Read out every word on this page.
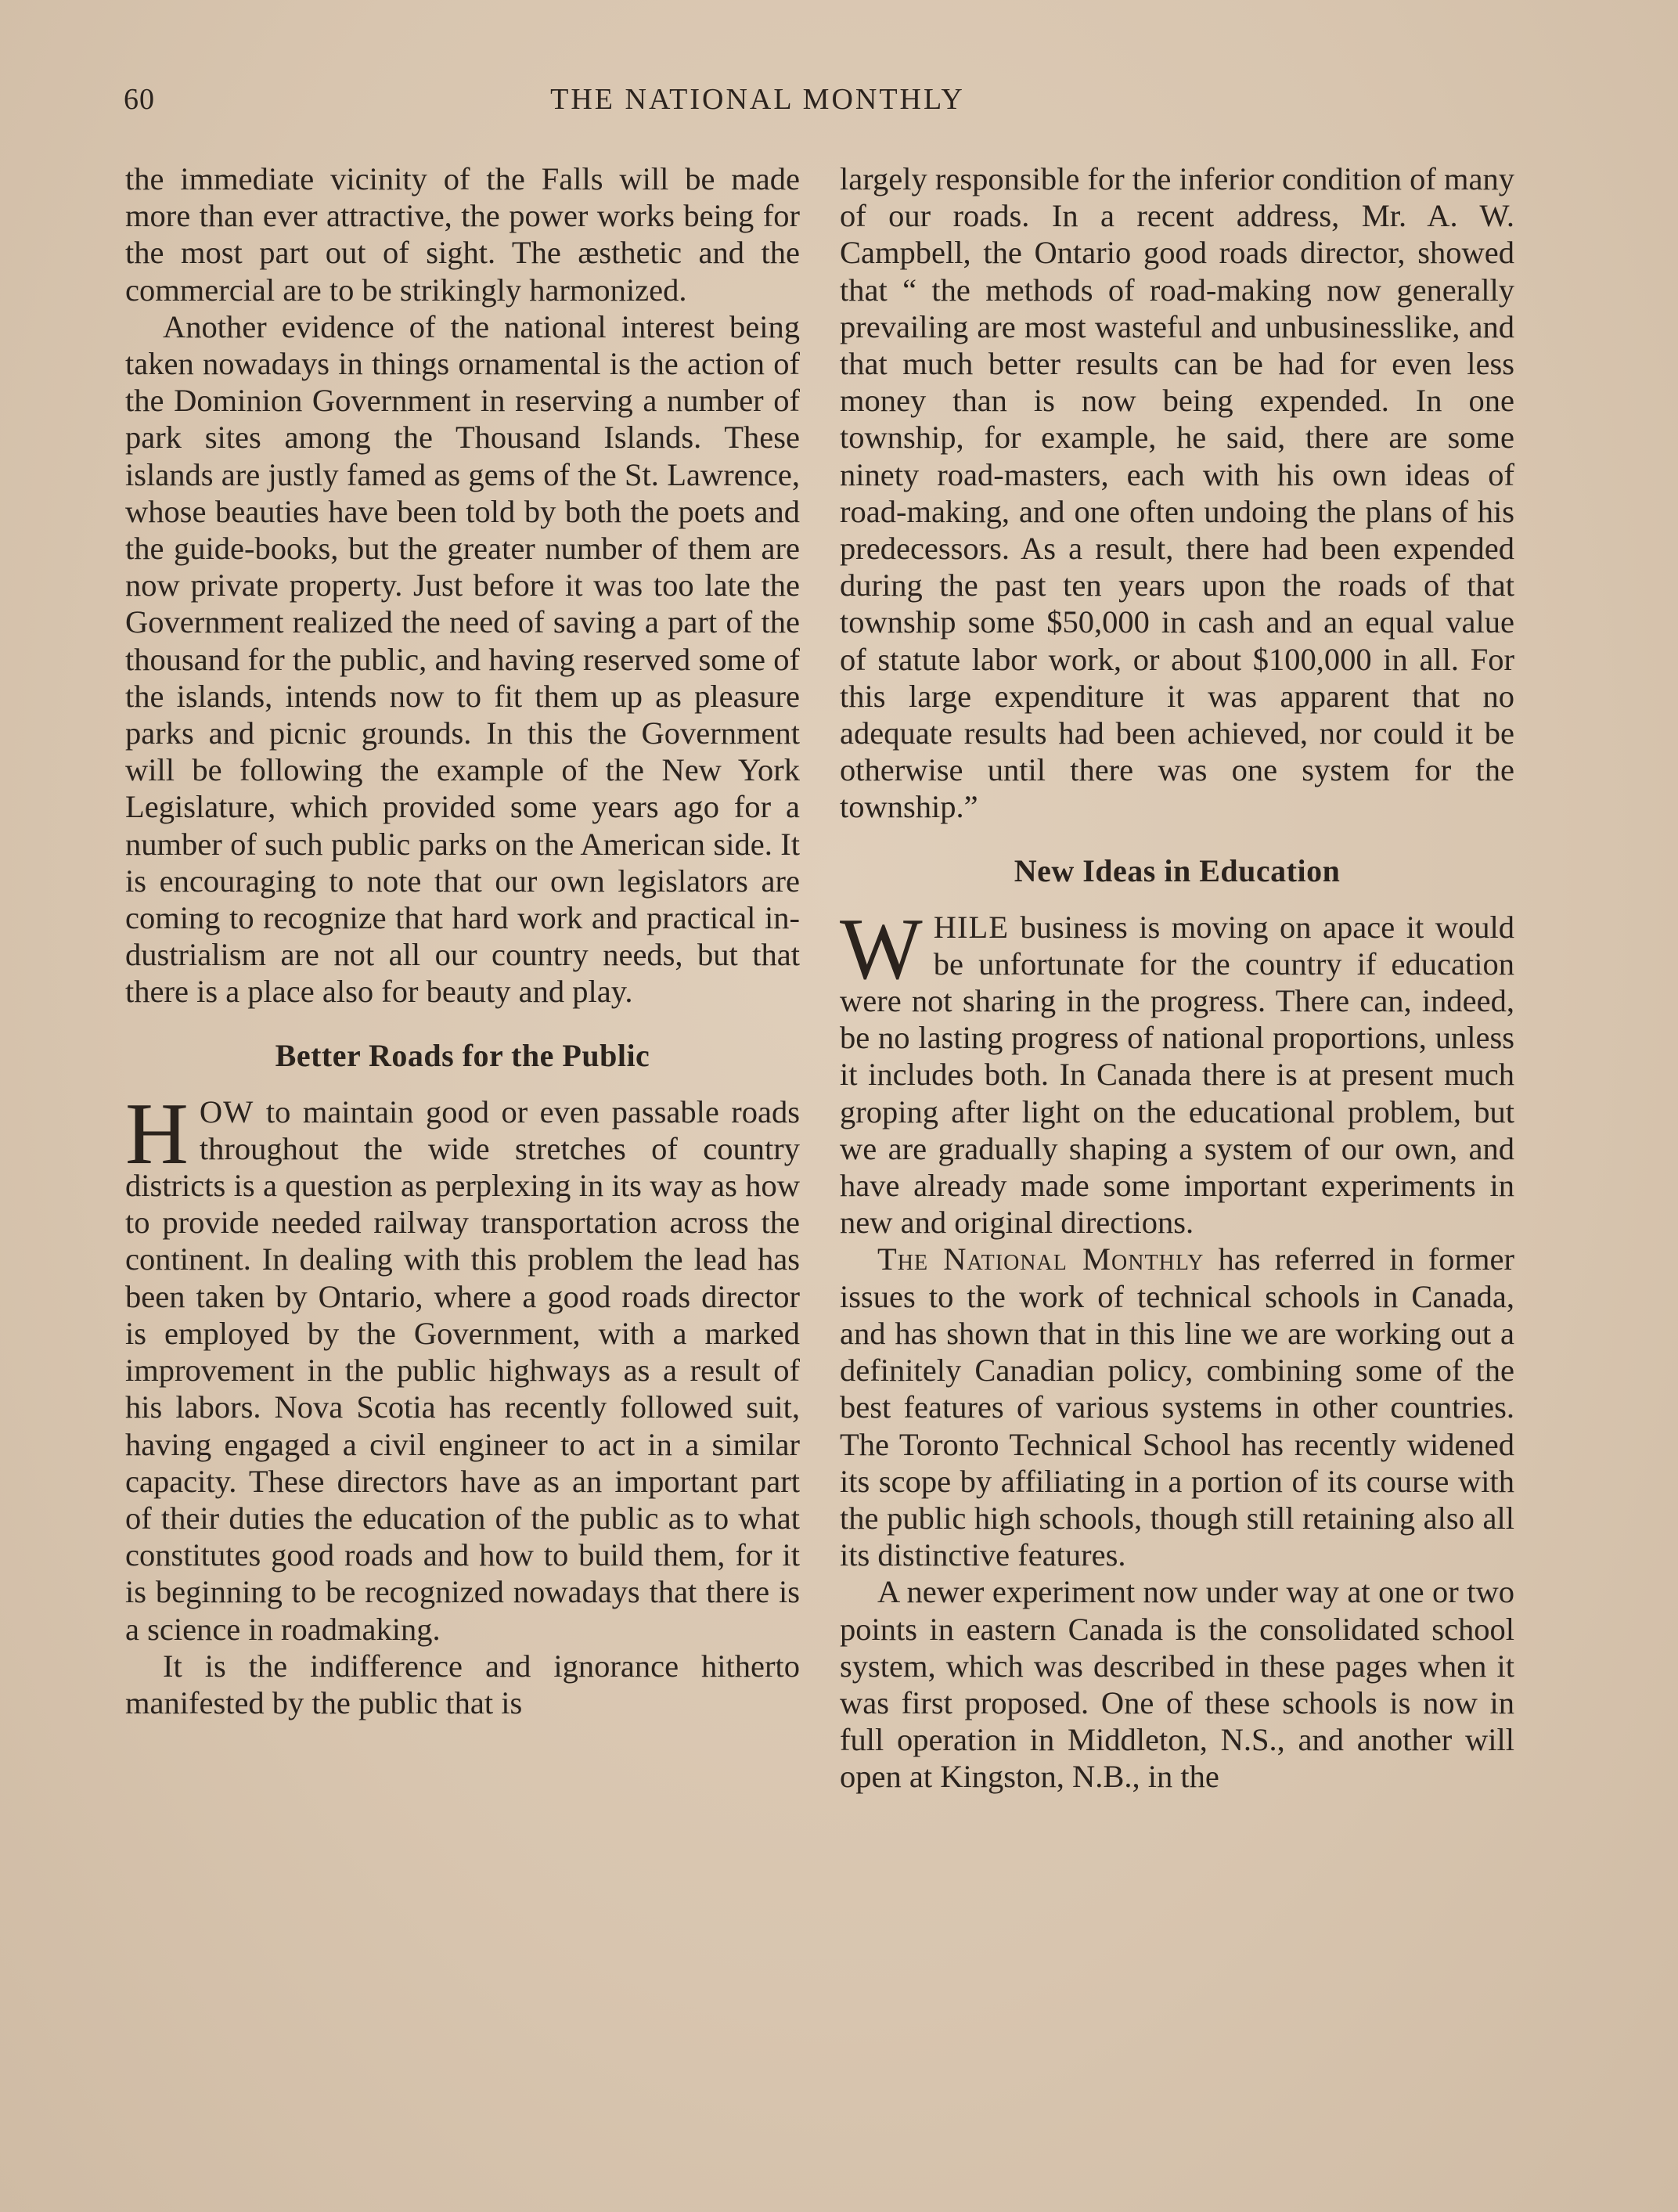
60	THE NATIONAL MONTHLY

the immediate vicinity of the Falls will be made more than ever attractive, the power works being for the most part out of sight. The æsthetic and the commercial are to be strikingly harmonized.

Another evidence of the national interest being taken nowadays in things ornamental is the action of the Dominion Government in reserving a number of park sites among the Thousand Islands. These islands are justly famed as gems of the St. Lawrence, whose beauties have been told by both the poets and the guide-books, but the greater number of them are now private property. Just before it was too late the Government realized the need of saving a part of the thousand for the public, and having reserved some of the islands, intends now to fit them up as pleasure parks and picnic grounds. In this the Government will be following the example of the New York Legislature, which provided some years ago for a number of such public parks on the American side. It is encouraging to note that our own legislators are coming to recognize that hard work and practical industrialism are not all our country needs, but that there is a place also for beauty and play.

Better Roads for the Public

HOW to maintain good or even passable roads throughout the wide stretches of country districts is a question as perplexing in its way as how to provide needed railway transportation across the continent. In dealing with this problem the lead has been taken by Ontario, where a good roads director is employed by the Government, with a marked improvement in the public highways as a result of his labors. Nova Scotia has recently followed suit, having engaged a civil engineer to act in a similar capacity. These directors have as an important part of their duties the education of the public as to what constitutes good roads and how to build them, for it is beginning to be recognized nowadays that there is a science in roadmaking.

It is the indifference and ignorance hitherto manifested by the public that is

largely responsible for the inferior condition of many of our roads. In a recent address, Mr. A. W. Campbell, the Ontario good roads director, showed that “ the methods of road-making now generally prevailing are most wasteful and unbusinesslike, and that much better results can be had for even less money than is now being expended. In one township, for example, he said, there are some ninety road-masters, each with his own ideas of road-making, and one often undoing the plans of his predecessors. As a result, there had been expended during the past ten years upon the roads of that township some $50,000 in cash and an equal value of statute labor work, or about $100,000 in all. For this large expenditure it was apparent that no adequate results had been achieved, nor could it be otherwise until there was one system for the township.”

New Ideas in Education

WHILE business is moving on apace it would be unfortunate for the country if education were not sharing in the progress. There can, indeed, be no lasting progress of national proportions, unless it includes both. In Canada there is at present much groping after light on the educational problem, but we are gradually shaping a system of our own, and have already made some important experiments in new and original directions.

The National Monthly has referred in former issues to the work of technical schools in Canada, and has shown that in this line we are working out a definitely Canadian policy, combining some of the best features of various systems in other countries. The Toronto Technical School has recently widened its scope by affiliating in a portion of its course with the public high schools, though still retaining also all its distinctive features.

A newer experiment now under way at one or two points in eastern Canada is the consolidated school system, which was described in these pages when it was first proposed. One of these schools is now in full operation in Middleton, N.S., and another will open at Kingston, N.B., in the
